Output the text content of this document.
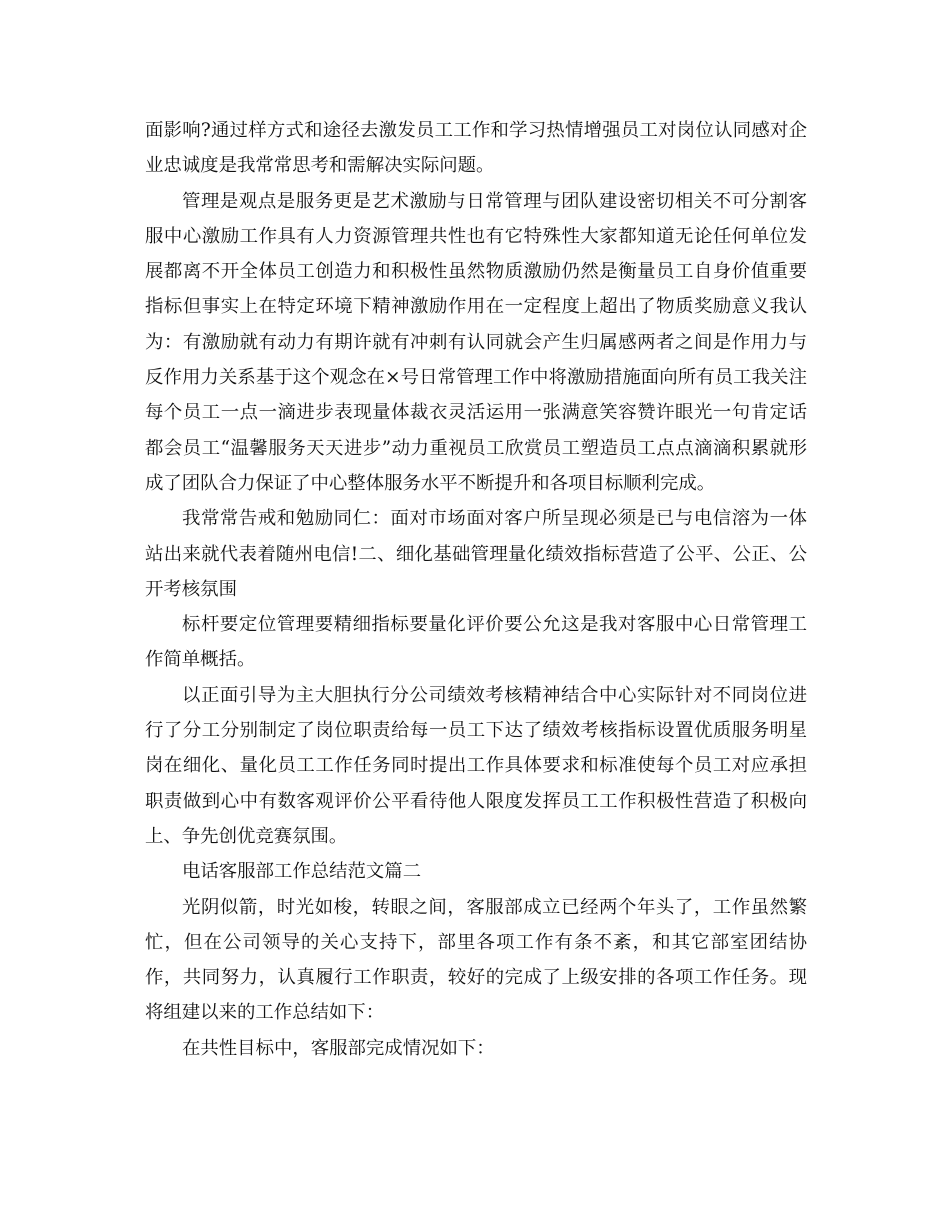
面影响?通过样方式和途径去激发员工工作和学习热情增强员工对岗位认同感对企业忠诚度是我常常思考和需解决实际问题。

管理是观点是服务更是艺术激励与日常管理与团队建设密切相关不可分割客服中心激励工作具有人力资源管理共性也有它特殊性大家都知道无论任何单位发展都离不开全体员工创造力和积极性虽然物质激励仍然是衡量员工自身价值重要指标但事实上在特定环境下精神激励作用在一定程度上超出了物质奖励意义我认为：有激励就有动力有期许就有冲刺有认同就会产生归属感两者之间是作用力与反作用力关系基于这个观念在×号日常管理工作中将激励措施面向所有员工我关注每个员工一点一滴进步表现量体裁衣灵活运用一张满意笑容赞许眼光一句肯定话都会员工“温馨服务天天进步”动力重视员工欣赏员工塑造员工点点滴滴积累就形成了团队合力保证了中心整体服务水平不断提升和各项目标顺利完成。

我常常告戒和勉励同仁：面对市场面对客户所呈现必须是已与电信溶为一体站出来就代表着随州电信!二、细化基础管理量化绩效指标营造了公平、公正、公开考核氛围

标杆要定位管理要精细指标要量化评价要公允这是我对客服中心日常管理工作简单概括。

以正面引导为主大胆执行分公司绩效考核精神结合中心实际针对不同岗位进行了分工分别制定了岗位职责给每一员工下达了绩效考核指标设置优质服务明星岗在细化、量化员工工作任务同时提出工作具体要求和标准使每个员工对应承担职责做到心中有数客观评价公平看待他人限度发挥员工工作积极性营造了积极向上、争先创优竞赛氛围。

电话客服部工作总结范文篇二

光阴似箭，时光如梭，转眼之间，客服部成立已经两个年头了，工作虽然繁忙，但在公司领导的关心支持下，部里各项工作有条不紊，和其它部室团结协作，共同努力，认真履行工作职责，较好的完成了上级安排的各项工作任务。现将组建以来的工作总结如下：

在共性目标中，客服部完成情况如下：
